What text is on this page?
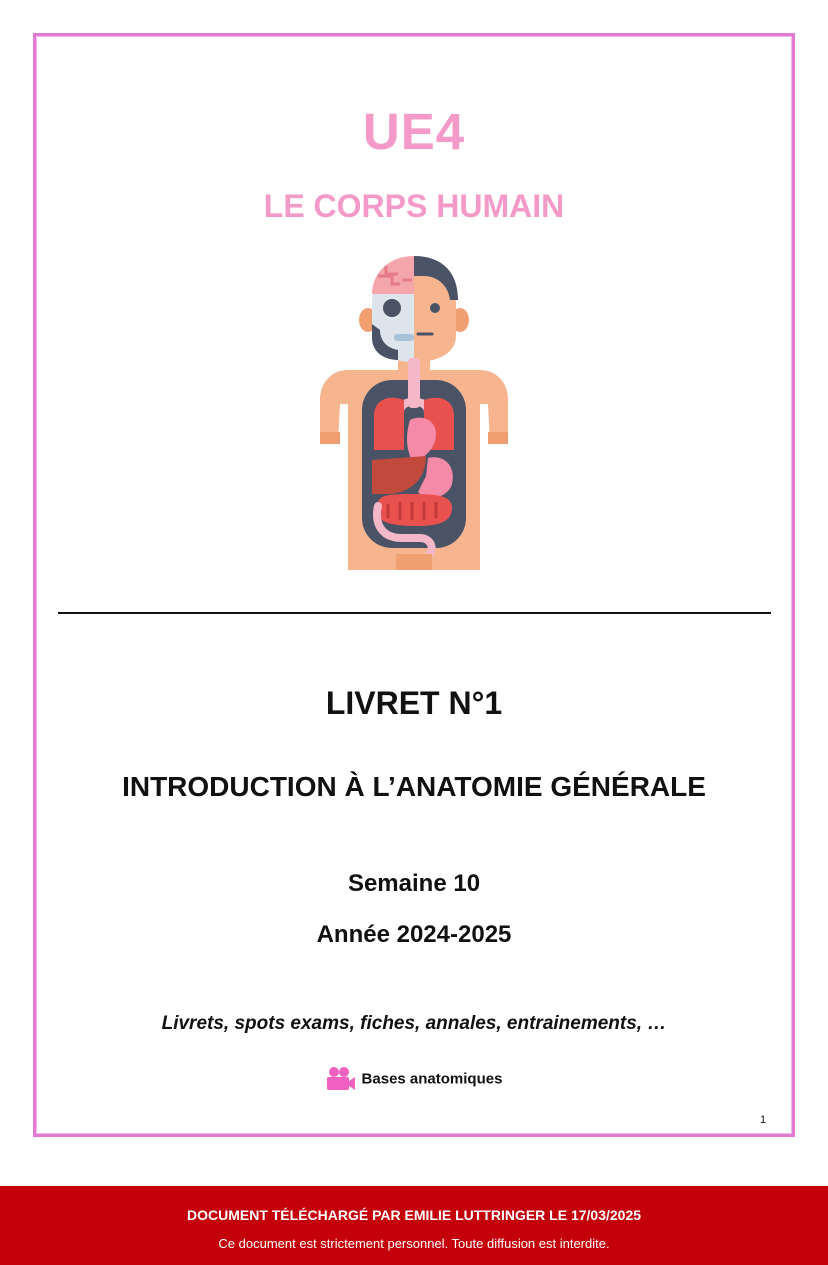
UE4
LE CORPS HUMAIN
LIVRET N°1
INTRODUCTION À L’ANATOMIE GÉNÉRALE
Semaine 10
Année 2024-2025
Livrets, spots exams, fiches, annales, entrainements, …
Bases anatomiques
1
DOCUMENT TÉLÉCHARGÉ PAR EMILIE LUTTRINGER LE 17/03/2025
Ce document est strictement personnel. Toute diffusion est interdite.
